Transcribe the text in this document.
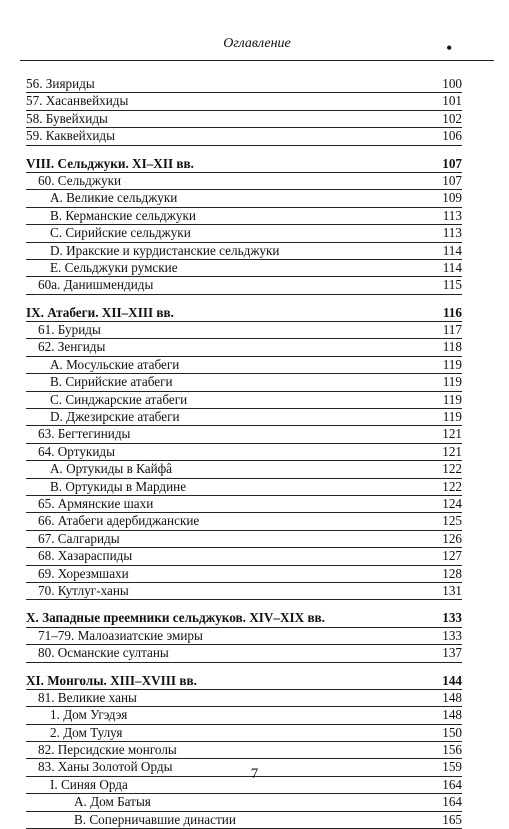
Оглавление	•
56. Зияриды	100
57. Хасанвейхиды	101
58. Бувейхиды	102
59. Каквейхиды	106
VIII. Сельджуки. XI–XII вв.	107
60. Сельджуки	107
А. Великие сельджуки	109
В. Керманские сельджуки	113
С. Сирийские сельджуки	113
D. Иракские и курдистанские сельджуки	114
Е. Сельджуки румские	114
60а. Данишмендиды	115
IX. Атабеги. XII–XIII вв.	116
61. Буриды	117
62. Зенгиды	118
А. Мосульские атабеги	119
В. Сирийские атабеги	119
С. Синджарские атабеги	119
D. Джезирские атабеги	119
63. Бегтегиниды	121
64. Ортукиды	121
А. Ортукиды в Кайфâ	122
В. Ортукиды в Мардине	122
65. Армянские шахи	124
66. Атабеги адербиджанские	125
67. Салгариды	126
68. Хазараспиды	127
69. Хорезмшахи	128
70. Кутлуг-ханы	131
X. Западные преемники сельджуков. XIV–XIX вв.	133
71–79. Малоазиатские эмиры	133
80. Османские султаны	137
XI. Монголы. XIII–XVIII вв.	144
81. Великие ханы	148
1. Дом Угэдэя	148
2. Дом Тулуя	150
82. Персидские монголы	156
83. Ханы Золотой Орды	159
I. Синяя Орда	164
А. Дом Батыя	164
В. Соперничавшие династии	165
7
